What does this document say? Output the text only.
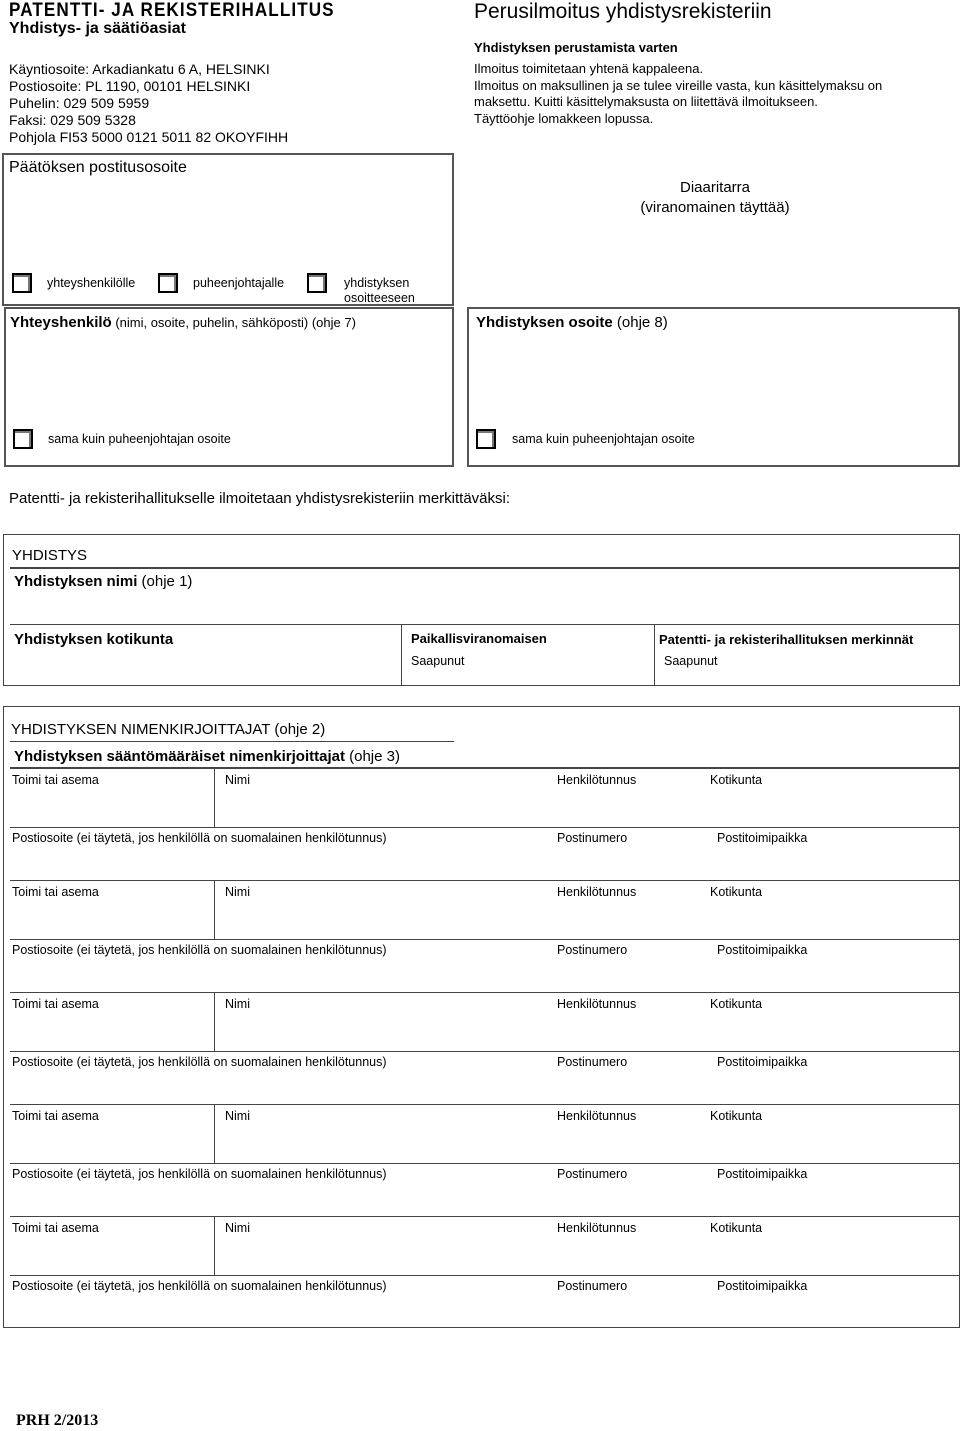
PATENTTI- JA REKISTERIHALLITUS
Yhdistys- ja säätiöasiat
Käyntiosoite: Arkadiankatu 6 A, HELSINKI
Postiosoite: PL 1190, 00101 HELSINKI
Puhelin: 029 509 5959
Faksi: 029 509 5328
Pohjola FI53 5000 0121 5011 82 OKOYFIHH
Perusilmoitus yhdistysrekisteriin
Yhdistyksen perustamista varten
Ilmoitus toimitetaan yhtenä kappaleena.
Ilmoitus on maksullinen ja se tulee vireille vasta, kun käsittelymaksu on
maksettu. Kuitti käsittelymaksusta on liitettävä ilmoitukseen.
Täyttöohje lomakkeen lopussa.
Päätöksen postitusosoite
Diaaritarra
(viranomainen täyttää)
yhteyshenkilölle	puheenjohtajalle	yhdistyksen
osoitteeseen
Yhteyshenkilö (nimi, osoite, puhelin, sähköposti) (ohje 7)
sama kuin puheenjohtajan osoite
Yhdistyksen osoite (ohje 8)
sama kuin puheenjohtajan osoite
Patentti- ja rekisterihallitukselle ilmoitetaan yhdistysrekisteriin merkittäväksi:
YHDISTYS
Yhdistyksen nimi (ohje 1)
Yhdistyksen kotikunta	Paikallisviranomaisen
Saapunut
Patentti- ja rekisterihallituksen merkinnät
Saapunut
YHDISTYKSEN NIMENKIRJOITTAJAT (ohje 2)
Yhdistyksen sääntömääräiset nimenkirjoittajat (ohje 3)
Toimi tai asema	Nimi	Henkilötunnus	Kotikunta
Postiosoite (ei täytetä, jos henkilöllä on suomalainen henkilötunnus)	Postinumero	Postitoimipaikka
Toimi tai asema	Nimi	Henkilötunnus	Kotikunta
Postiosoite (ei täytetä, jos henkilöllä on suomalainen henkilötunnus)	Postinumero	Postitoimipaikka
Toimi tai asema	Nimi	Henkilötunnus	Kotikunta
Postiosoite (ei täytetä, jos henkilöllä on suomalainen henkilötunnus)	Postinumero	Postitoimipaikka
Toimi tai asema	Nimi	Henkilötunnus	Kotikunta
Postiosoite (ei täytetä, jos henkilöllä on suomalainen henkilötunnus)	Postinumero	Postitoimipaikka
Toimi tai asema	Nimi	Henkilötunnus	Kotikunta
Postiosoite (ei täytetä, jos henkilöllä on suomalainen henkilötunnus)	Postinumero	Postitoimipaikka
PRH 2/2013
